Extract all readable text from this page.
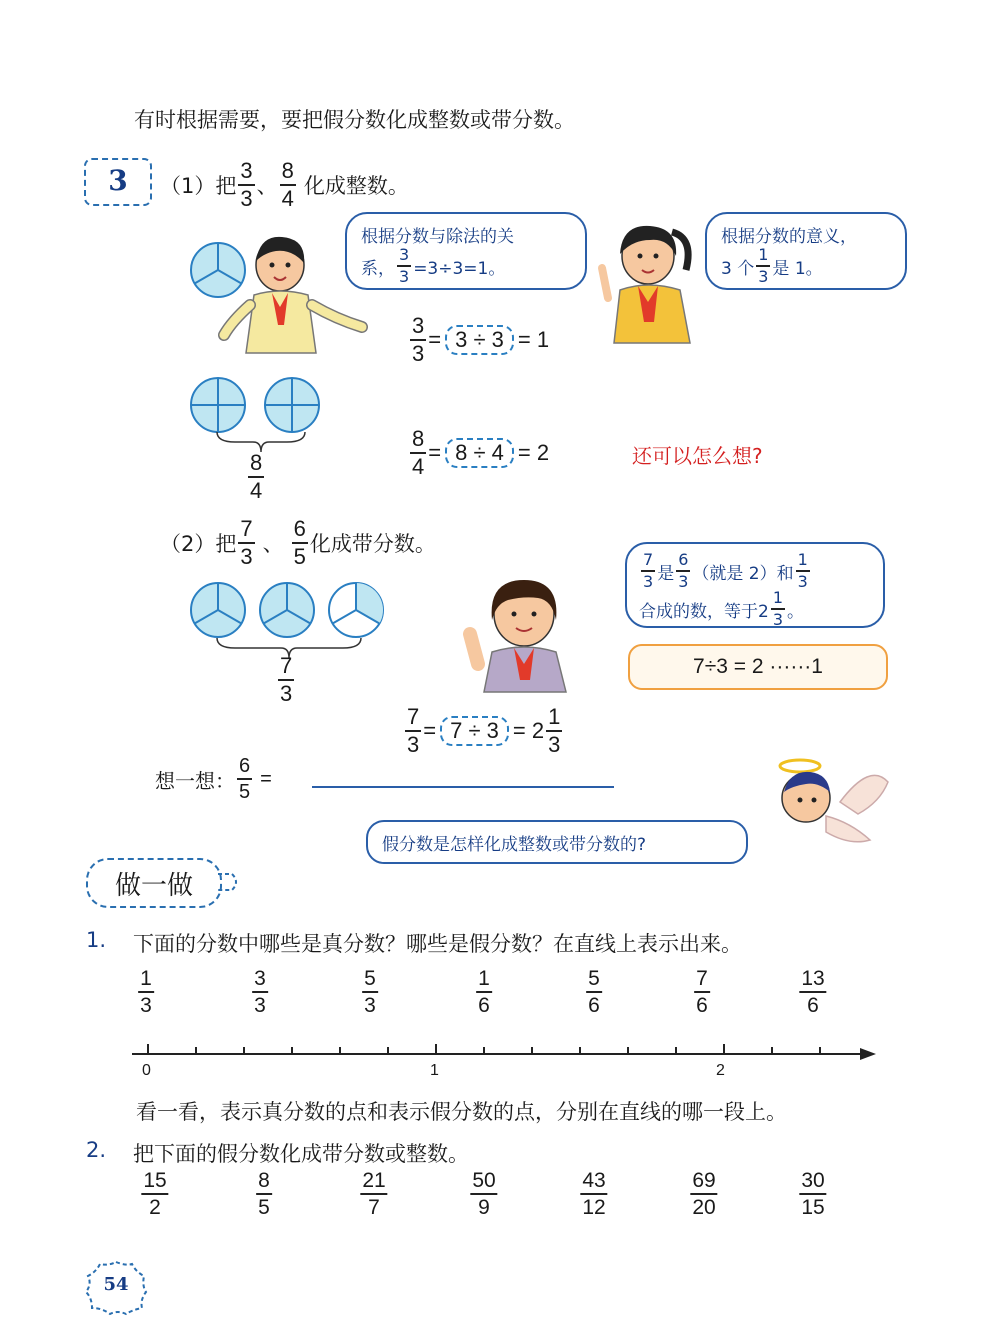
有时根据需要，要把假分数化成整数或带分数。
3	（1）把 $\frac{3}{3}$ 、 $\frac{8}{4}$ 化成整数。
根据分数与除法的关
系， $\frac{3}{3} =3\div 3=1$。
根据分数的意义，
3 个 $\frac{1}{3}$ 是 1。
$\frac{3}{3} = 3 \div 3 = 1$
$\frac{8}{4}$	$\frac{8}{4} = 8 \div 4 = 2$	还可以怎么想?
（2）把 $\frac{7}{3}$ 、 $\frac{6}{5}$ 化成带分数。
$\frac{7}{3}$
$\frac{7}{3}$ 是 $\frac{6}{3}$ （就是 2）和 $\frac{1}{3}$
合成的数，等于$2 \frac{1}{3}$ 。
7÷3 = 2 ······1
$\frac{7}{3} = 7 \div 3 = 2 \frac{1}{3}$
想一想： $\frac{6}{5}$ =
假分数是怎样化成整数或带分数的?
做一做
1. 下面的分数中哪些是真分数？哪些是假分数？在直线上表示出来。
$\frac{1}{3}$	$\frac{3}{3}$	$\frac{5}{3}$	$\frac{1}{6}$	$\frac{5}{6}$	$\frac{7}{6}$	$\frac{13}{6}$
0	1	2
看一看，表示真分数的点和表示假分数的点，分别在直线的哪一段上。
2. 把下面的假分数化成带分数或整数。
$\frac{15}{2}$	$\frac{8}{5}$	$\frac{21}{7}$	$\frac{50}{9}$	$\frac{43}{12}$	$\frac{69}{20}$	$\frac{30}{15}$
54
